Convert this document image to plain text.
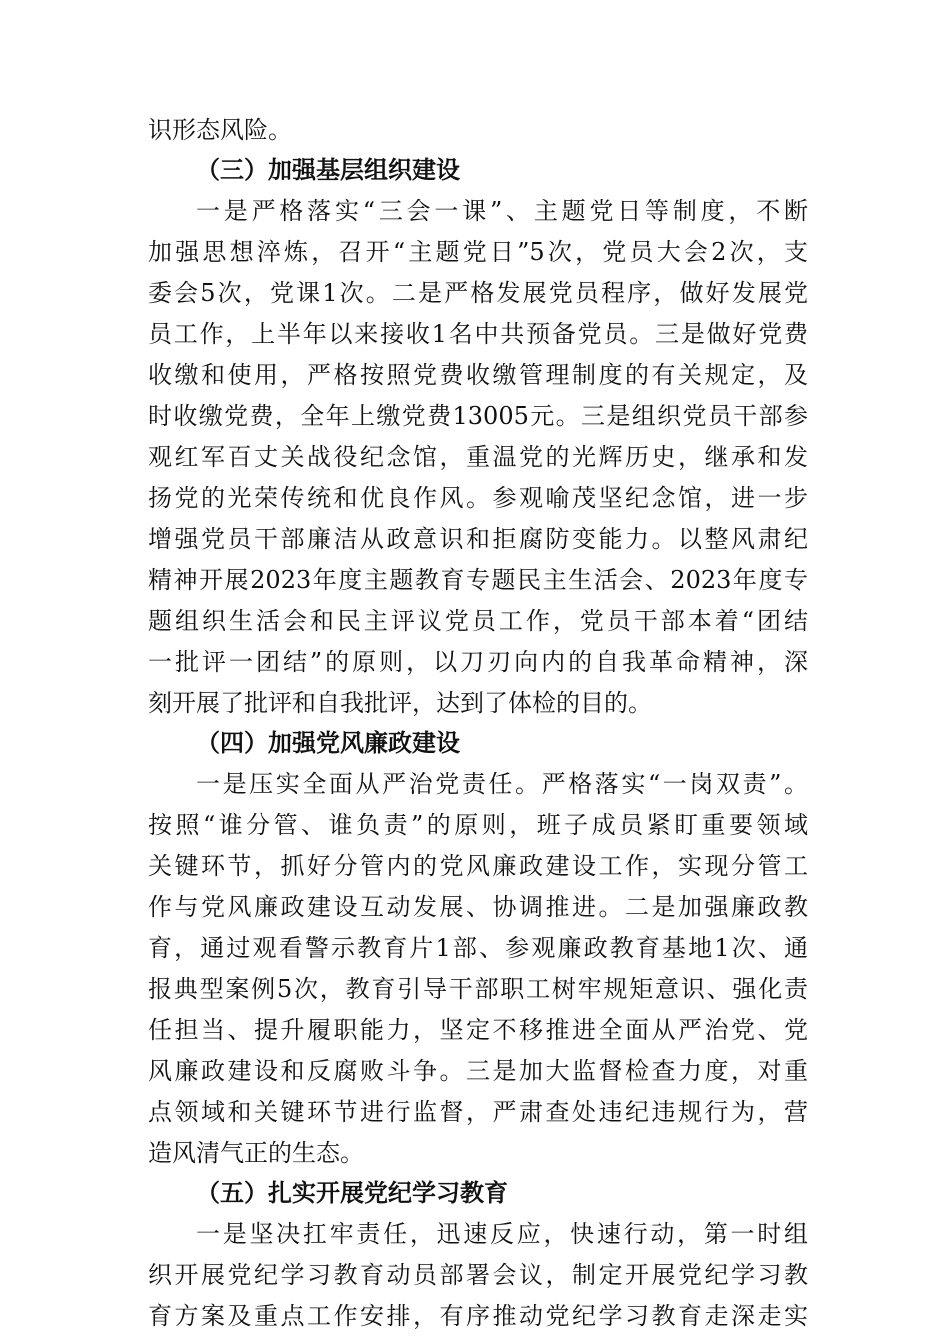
识形态风险。
（三）加强基层组织建设
一是严格落实“三会一课”、主题党日等制度，不断
加强思想淬炼，召开“主题党日”5次，党员大会2次，支
委会5次，党课1次。二是严格发展党员程序，做好发展党
员工作，上半年以来接收1名中共预备党员。三是做好党费
收缴和使用，严格按照党费收缴管理制度的有关规定，及
时收缴党费，全年上缴党费13005元。三是组织党员干部参
观红军百丈关战役纪念馆，重温党的光辉历史，继承和发
扬党的光荣传统和优良作风。参观喻茂坚纪念馆，进一步
增强党员干部廉洁从政意识和拒腐防变能力。以整风肃纪
精神开展2023年度主题教育专题民主生活会、2023年度专
题组织生活会和民主评议党员工作，党员干部本着“团结
一批评一团结”的原则，以刀刃向内的自我革命精神，深
刻开展了批评和自我批评，达到了体检的目的。
（四）加强党风廉政建设
一是压实全面从严治党责任。严格落实“一岗双责”。
按照“谁分管、谁负责”的原则，班子成员紧盯重要领域
关键环节，抓好分管内的党风廉政建设工作，实现分管工
作与党风廉政建设互动发展、协调推进。二是加强廉政教
育，通过观看警示教育片1部、参观廉政教育基地1次、通
报典型案例5次，教育引导干部职工树牢规矩意识、强化责
任担当、提升履职能力，坚定不移推进全面从严治党、党
风廉政建设和反腐败斗争。三是加大监督检查力度，对重
点领域和关键环节进行监督，严肃查处违纪违规行为，营
造风清气正的生态。
（五）扎实开展党纪学习教育
一是坚决扛牢责任，迅速反应，快速行动，第一时组
织开展党纪学习教育动员部署会议，制定开展党纪学习教
育方案及重点工作安排，有序推动党纪学习教育走深走实
